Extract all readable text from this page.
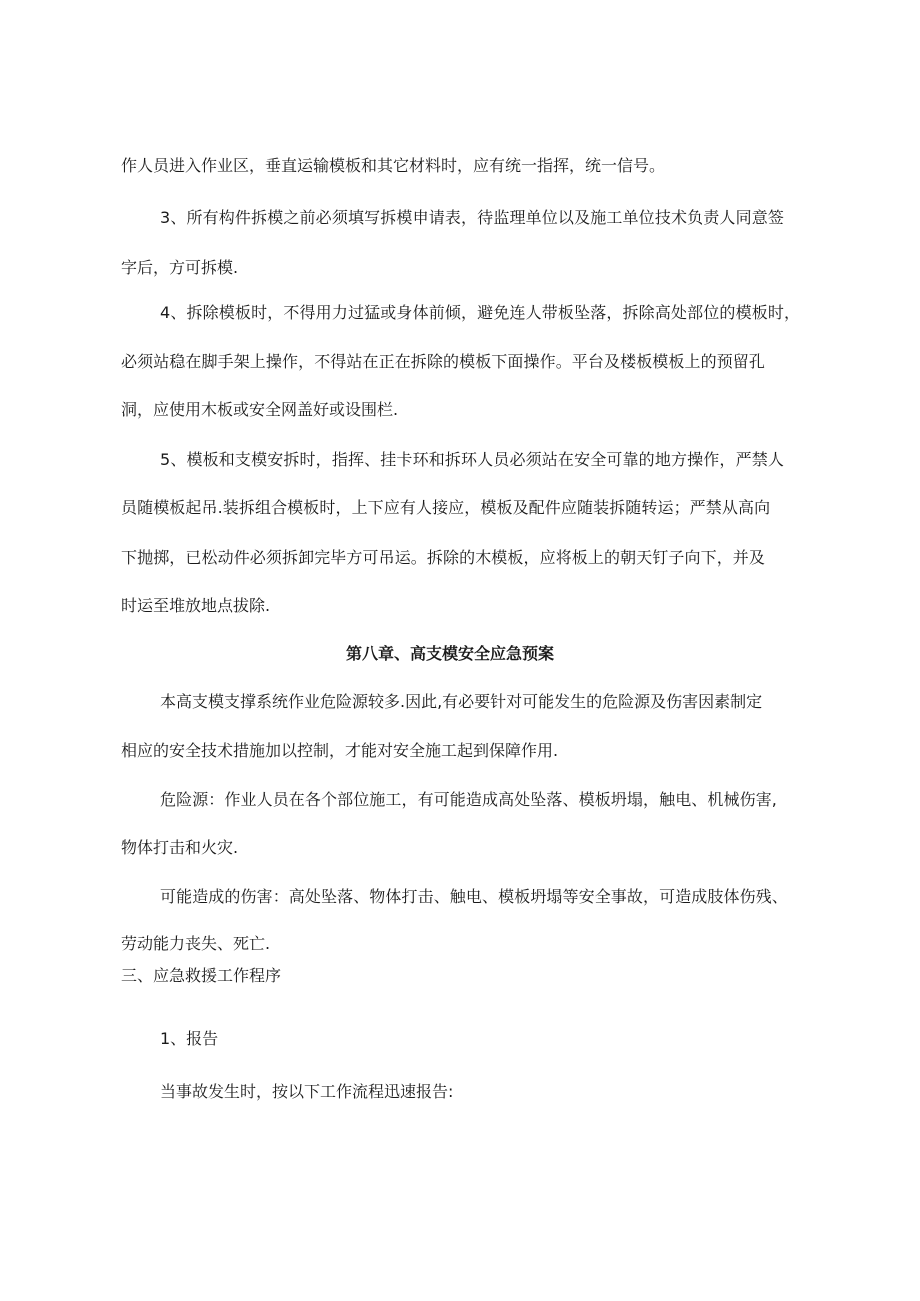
作人员进入作业区，垂直运输模板和其它材料时，应有统一指挥，统一信号。
3、所有构件拆模之前必须填写拆模申请表，待监理单位以及施工单位技术负责人同意签
字后，方可拆模.
4、拆除模板时，不得用力过猛或身体前倾，避免连人带板坠落，拆除高处部位的模板时，
必须站稳在脚手架上操作，不得站在正在拆除的模板下面操作。平台及楼板模板上的预留孔
洞，应使用木板或安全网盖好或设围栏.
5、模板和支模安拆时，指挥、挂卡环和拆环人员必须站在安全可靠的地方操作，严禁人
员随模板起吊.装拆组合模板时，上下应有人接应，模板及配件应随装拆随转运；严禁从高向
下抛掷，已松动件必须拆卸完毕方可吊运。拆除的木模板，应将板上的朝天钉子向下，并及
时运至堆放地点拔除.
第八章、高支模安全应急预案
本高支模支撑系统作业危险源较多.因此,有必要针对可能发生的危险源及伤害因素制定
相应的安全技术措施加以控制，才能对安全施工起到保障作用.
危险源：作业人员在各个部位施工，有可能造成高处坠落、模板坍塌，触电、机械伤害,
物体打击和火灾.
可能造成的伤害：高处坠落、物体打击、触电、模板坍塌等安全事故，可造成肢体伤残、
劳动能力丧失、死亡.
三、应急救援工作程序
1、报告
当事故发生时，按以下工作流程迅速报告:
